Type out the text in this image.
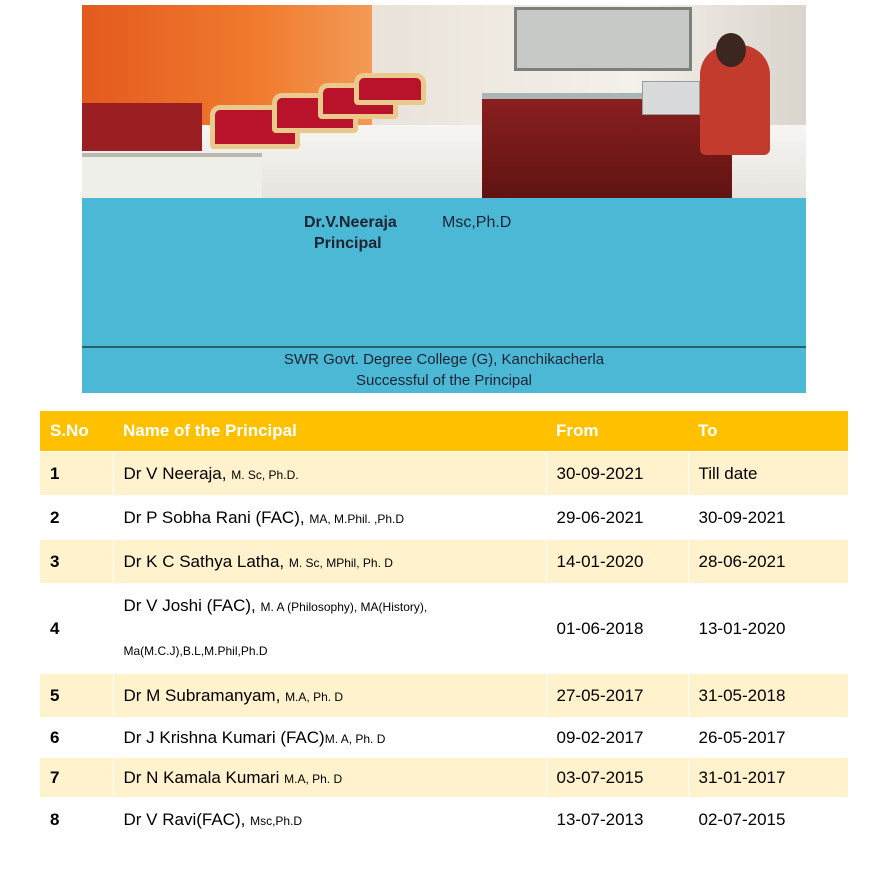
Dr.V.Neeraja	Msc,Ph.D
Principal
SWR Govt. Degree College (G), Kanchikacherla
Successful of the Principal
S.No	Name of the Principal	From	To
1	Dr V Neeraja, M. Sc, Ph.D.	30-09-2021	Till date
2	Dr P Sobha Rani (FAC), MA, M.Phil. ,Ph.D	29-06-2021	30-09-2021
3	Dr K C Sathya Latha, M. Sc, MPhil, Ph. D	14-01-2020	28-06-2021
4	Dr V Joshi (FAC), M. A (Philosophy), MA(History),
Ma(M.C.J),B.L,M.Phil,Ph.D	01-06-2018	13-01-2020
5	Dr M Subramanyam, M.A, Ph. D	27-05-2017	31-05-2018
6	Dr J Krishna Kumari (FAC)M. A, Ph. D	09-02-2017	26-05-2017
7	Dr N Kamala Kumari M.A, Ph. D	03-07-2015	31-01-2017
8	Dr V Ravi(FAC), Msc,Ph.D	13-07-2013	02-07-2015
